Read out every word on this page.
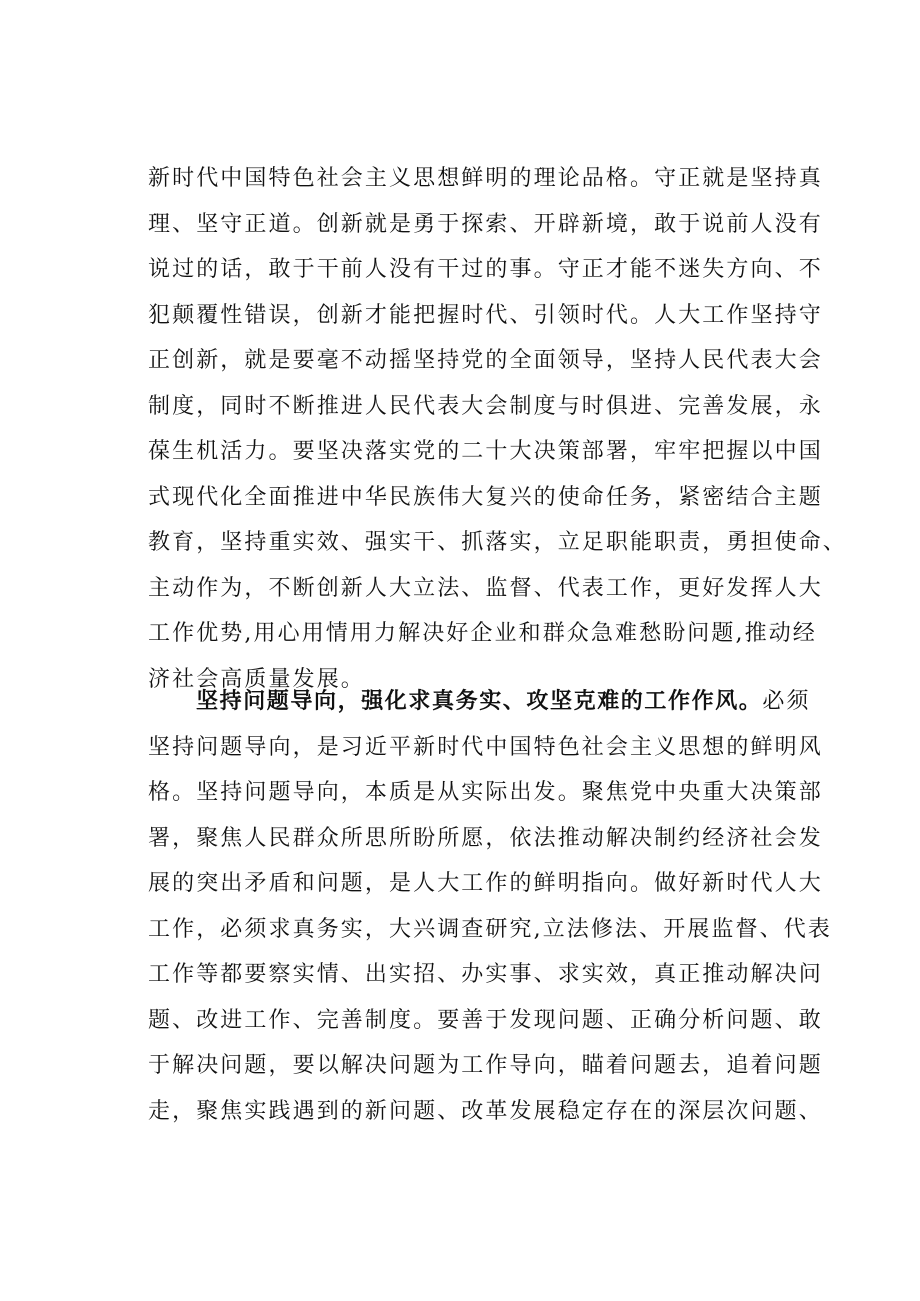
新时代中国特色社会主义思想鲜明的理论品格。守正就是坚持真
理、坚守正道。创新就是勇于探索、开辟新境，敢于说前人没有
说过的话，敢于干前人没有干过的事。守正才能不迷失方向、不
犯颠覆性错误，创新才能把握时代、引领时代。人大工作坚持守
正创新，就是要毫不动摇坚持党的全面领导，坚持人民代表大会
制度，同时不断推进人民代表大会制度与时俱进、完善发展，永
葆生机活力。要坚决落实党的二十大决策部署，牢牢把握以中国
式现代化全面推进中华民族伟大复兴的使命任务，紧密结合主题
教育，坚持重实效、强实干、抓落实，立足职能职责，勇担使命、
主动作为，不断创新人大立法、监督、代表工作，更好发挥人大
工作优势,用心用情用力解决好企业和群众急难愁盼问题,推动经
济社会高质量发展。
坚持问题导向，强化求真务实、攻坚克难的工作作风。必须
坚持问题导向，是习近平新时代中国特色社会主义思想的鲜明风
格。坚持问题导向，本质是从实际出发。聚焦党中央重大决策部
署，聚焦人民群众所思所盼所愿，依法推动解决制约经济社会发
展的突出矛盾和问题，是人大工作的鲜明指向。做好新时代人大
工作，必须求真务实，大兴调查研究,立法修法、开展监督、代表
工作等都要察实情、出实招、办实事、求实效，真正推动解决问
题、改进工作、完善制度。要善于发现问题、正确分析问题、敢
于解决问题，要以解决问题为工作导向，瞄着问题去，追着问题
走，聚焦实践遇到的新问题、改革发展稳定存在的深层次问题、
